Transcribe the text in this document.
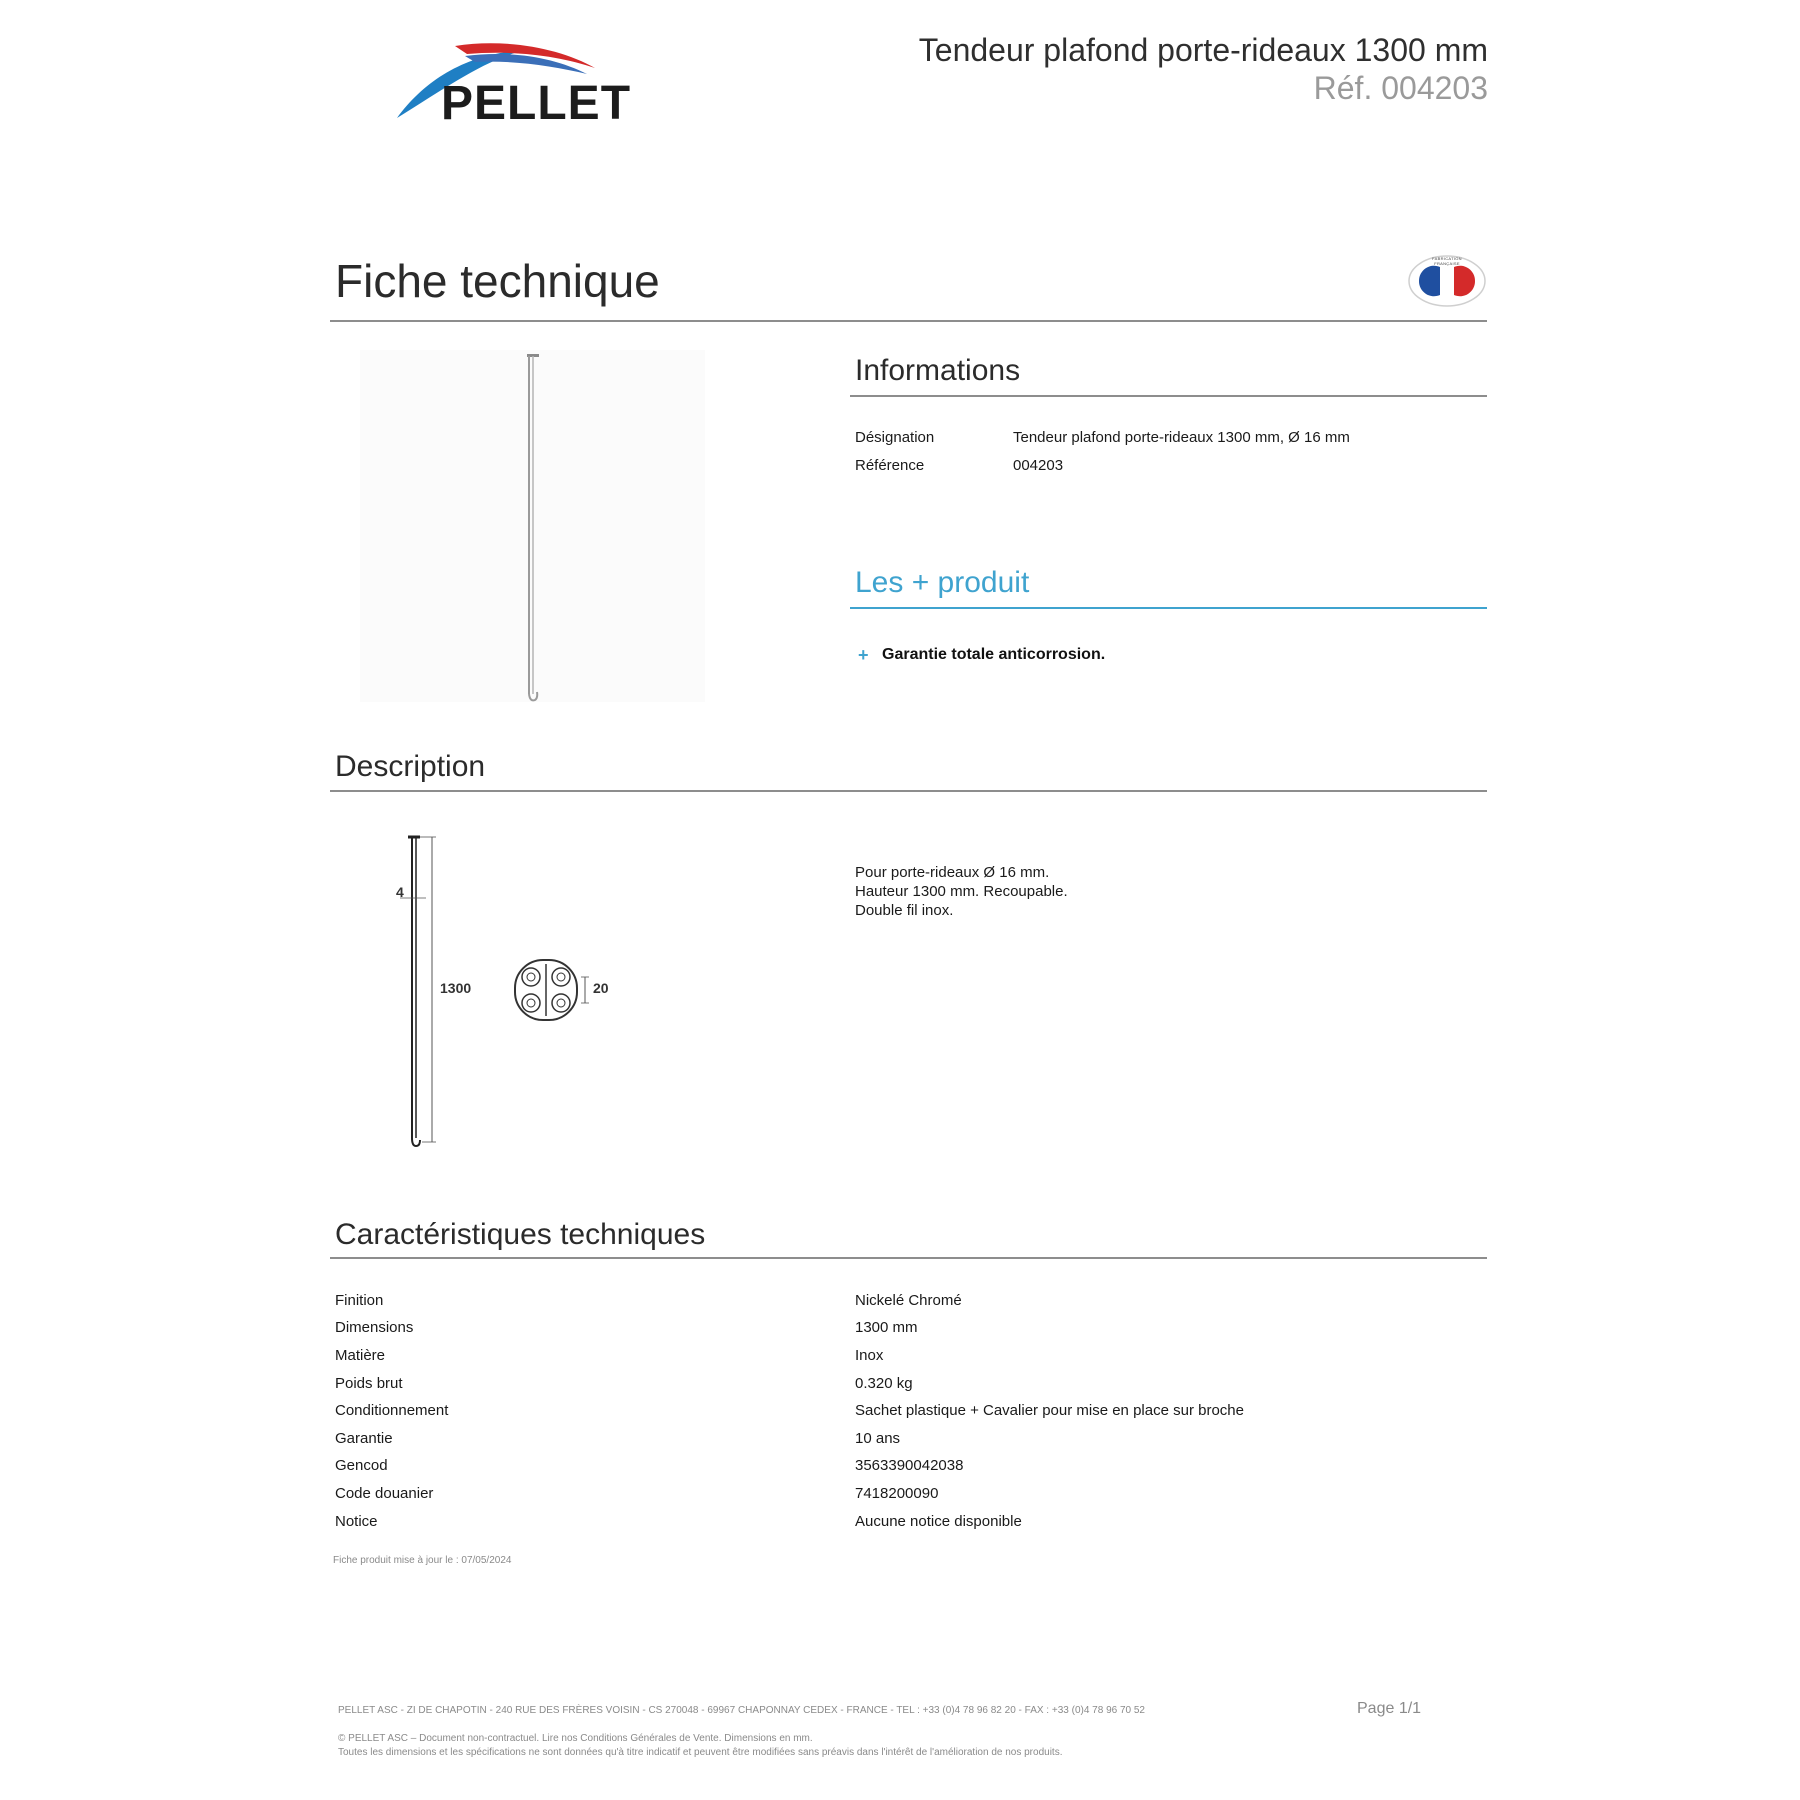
PELLET
Tendeur plafond porte-rideaux 1300 mm
Réf. 004203
Fiche technique	FABRICATION FRANÇAISE
Informations
Désignation	Tendeur plafond porte-rideaux 1300 mm, Ø 16 mm
Référence	004203
Les + produit
+ Garantie totale anticorrosion.
Description
4
1300	20
Pour porte-rideaux Ø 16 mm.
Hauteur 1300 mm. Recoupable.
Double fil inox.
Caractéristiques techniques
Finition	Nickelé Chromé
Dimensions	1300 mm
Matière	Inox
Poids brut	0.320 kg
Conditionnement	Sachet plastique + Cavalier pour mise en place sur broche
Garantie	10 ans
Gencod	3563390042038
Code douanier	7418200090
Notice	Aucune notice disponible
Fiche produit mise à jour le : 07/05/2024
PELLET ASC - ZI DE CHAPOTIN - 240 RUE DES FRÈRES VOISIN - CS 270048 - 69967 CHAPONNAY CEDEX - FRANCE - TEL : +33 (0)4 78 96 82 20 - FAX : +33 (0)4 78 96 70 52	Page 1/1
© PELLET ASC – Document non-contractuel. Lire nos Conditions Générales de Vente. Dimensions en mm.
Toutes les dimensions et les spécifications ne sont données qu'à titre indicatif et peuvent être modifiées sans préavis dans l'intérêt de l'amélioration de nos produits.
